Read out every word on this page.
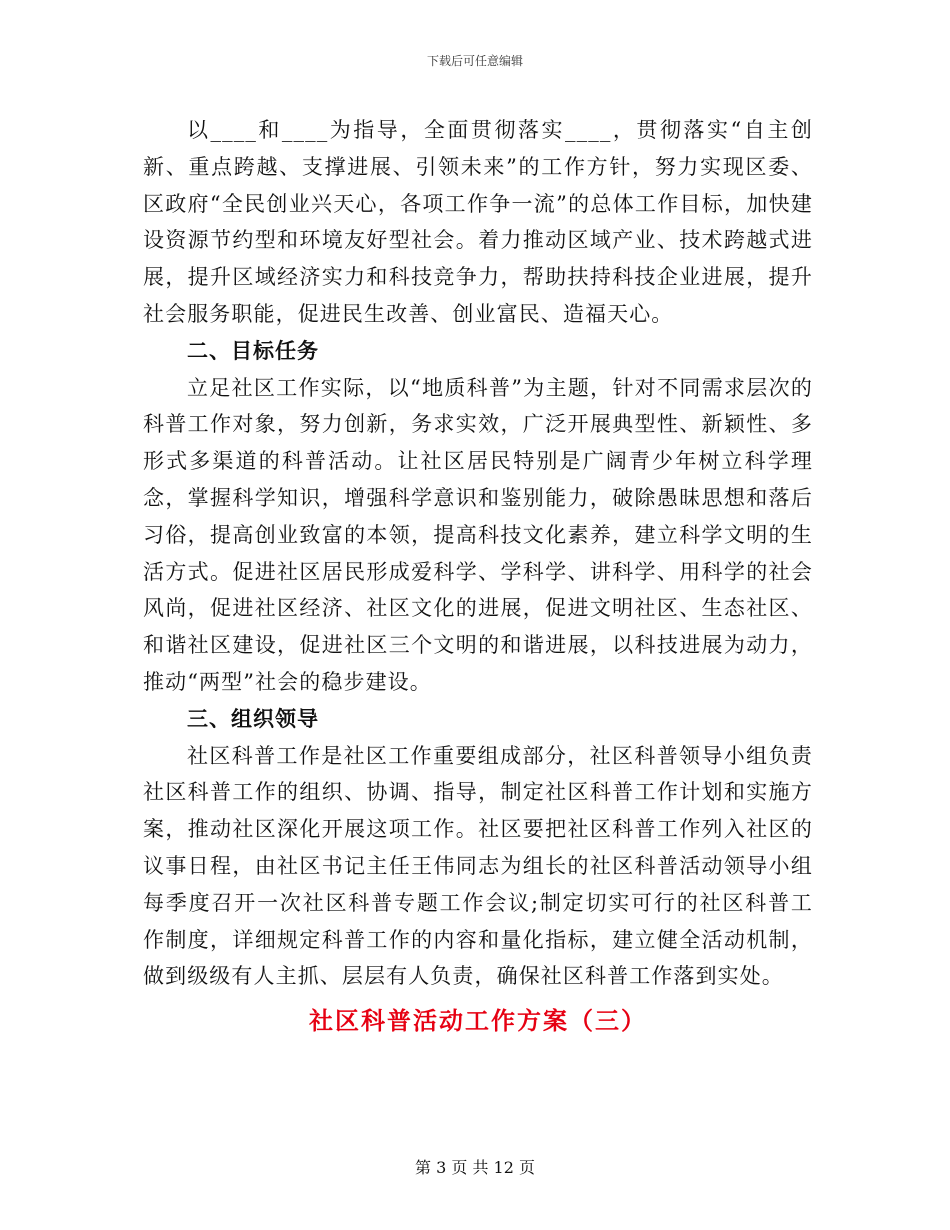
下载后可任意编辑

以____和____为指导，全面贯彻落实____，贯彻落实“自主创新、重点跨越、支撑进展、引领未来”的工作方针，努力实现区委、区政府“全民创业兴天心，各项工作争一流”的总体工作目标，加快建设资源节约型和环境友好型社会。着力推动区域产业、技术跨越式进展，提升区域经济实力和科技竞争力，帮助扶持科技企业进展，提升社会服务职能，促进民生改善、创业富民、造福天心。

二、目标任务

立足社区工作实际，以“地质科普”为主题，针对不同需求层次的科普工作对象，努力创新，务求实效，广泛开展典型性、新颖性、多形式多渠道的科普活动。让社区居民特别是广阔青少年树立科学理念，掌握科学知识，增强科学意识和鉴别能力，破除愚昧思想和落后习俗，提高创业致富的本领，提高科技文化素养，建立科学文明的生活方式。促进社区居民形成爱科学、学科学、讲科学、用科学的社会风尚，促进社区经济、社区文化的进展，促进文明社区、生态社区、和谐社区建设，促进社区三个文明的和谐进展，以科技进展为动力，推动“两型”社会的稳步建设。

三、组织领导

社区科普工作是社区工作重要组成部分，社区科普领导小组负责社区科普工作的组织、协调、指导，制定社区科普工作计划和实施方案，推动社区深化开展这项工作。社区要把社区科普工作列入社区的议事日程，由社区书记主任王伟同志为组长的社区科普活动领导小组每季度召开一次社区科普专题工作会议;制定切实可行的社区科普工作制度，详细规定科普工作的内容和量化指标，建立健全活动机制，做到级级有人主抓、层层有人负责，确保社区科普工作落到实处。

社区科普活动工作方案（三）
第 3 页 共 12 页
